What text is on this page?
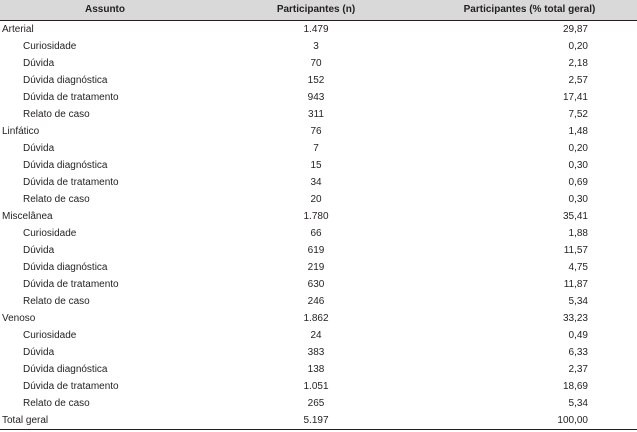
Assunto	Participantes (n)	Participantes (% total geral)
Arterial	1.479	29,87
Curiosidade	3	0,20
Dúvida	70	2,18
Dúvida diagnóstica	152	2,57
Dúvida de tratamento	943	17,41
Relato de caso	311	7,52
Linfático	76	1,48
Dúvida	7	0,20
Dúvida diagnóstica	15	0,30
Dúvida de tratamento	34	0,69
Relato de caso	20	0,30
Miscelânea	1.780	35,41
Curiosidade	66	1,88
Dúvida	619	11,57
Dúvida diagnóstica	219	4,75
Dúvida de tratamento	630	11,87
Relato de caso	246	5,34
Venoso	1.862	33,23
Curiosidade	24	0,49
Dúvida	383	6,33
Dúvida diagnóstica	138	2,37
Dúvida de tratamento	1.051	18,69
Relato de caso	265	5,34
Total geral	5.197	100,00
